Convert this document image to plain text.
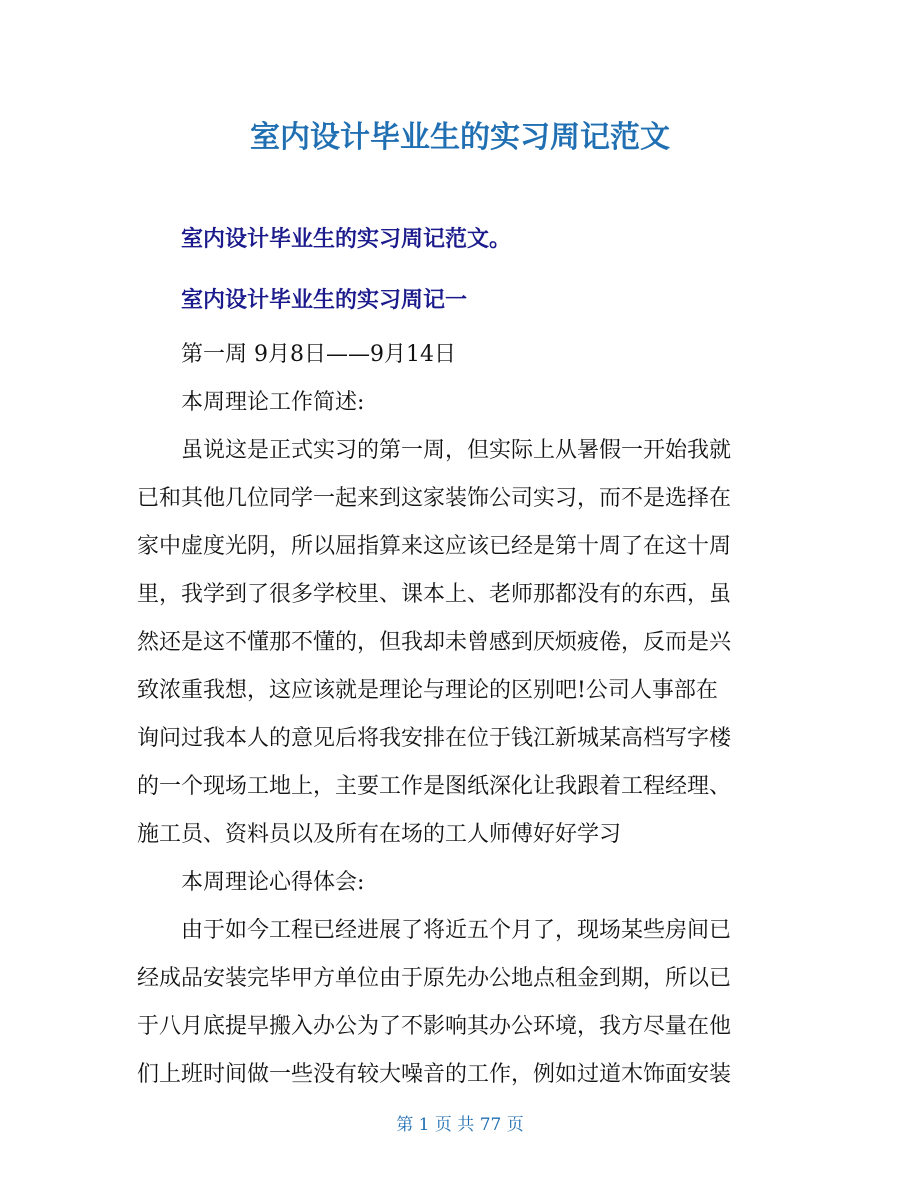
室内设计毕业生的实习周记范文
室内设计毕业生的实习周记范文。
室内设计毕业生的实习周记一
第一周 9月8日——9月14日
本周理论工作简述:
虽说这是正式实习的第一周，但实际上从暑假一开始我就
已和其他几位同学一起来到这家装饰公司实习，而不是选择在
家中虚度光阴，所以屈指算来这应该已经是第十周了在这十周
里，我学到了很多学校里、课本上、老师那都没有的东西，虽
然还是这不懂那不懂的，但我却未曾感到厌烦疲倦，反而是兴
致浓重我想，这应该就是理论与理论的区别吧!公司人事部在
询问过我本人的意见后将我安排在位于钱江新城某高档写字楼
的一个现场工地上，主要工作是图纸深化让我跟着工程经理、
施工员、资料员以及所有在场的工人师傅好好学习
本周理论心得体会:
由于如今工程已经进展了将近五个月了，现场某些房间已
经成品安装完毕甲方单位由于原先办公地点租金到期，所以已
于八月底提早搬入办公为了不影响其办公环境，我方尽量在他
们上班时间做一些没有较大噪音的工作，例如过道木饰面安装
第 1 页 共 77 页
